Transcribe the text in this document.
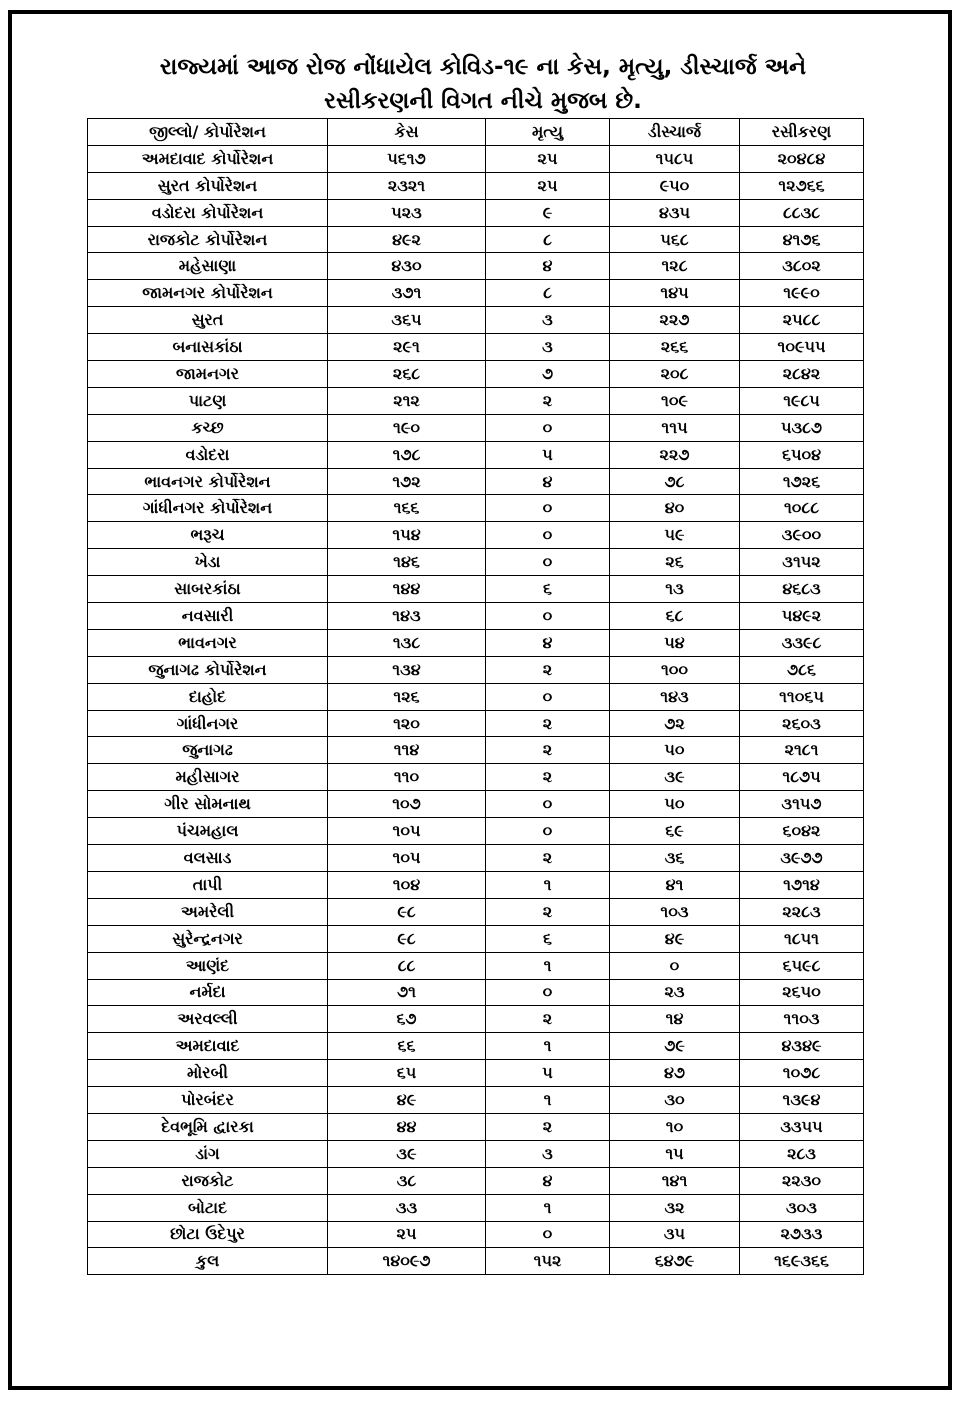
રાજ્યમાં આજ રોજ નોંધાયેલ કોવિડ-૧૯ ના કેસ, મૃત્યુ, ડીસ્ચાર્જ અને
રસીકરણની વિગત નીચે મુજબ છે.
જીલ્લો/ કોર્પોરેશન	કેસ	મૃત્યુ	ડીસ્ચાર્જ	રસીકરણ
અમદાવાદ કોર્પોરેશન	૫૬૧૭	૨૫	૧૫૮૫	૨૦૪૮૪
સુરત કોર્પોરેશન	૨૩૨૧	૨૫	૯૫૦	૧૨૭૬૬
વડોદરા કોર્પોરેશન	૫૨૩	૯	૪૩૫	૮૮૩૮
રાજકોટ કોર્પોરેશન	૪૯૨	૮	૫૬૮	૪૧૭૬
મહેસાણા	૪૩૦	૪	૧૨૮	૩૮૦૨
જામનગર કોર્પોરેશન	૩૭૧	૮	૧૪૫	૧૯૯૦
સુરત	૩૬૫	૩	૨૨૭	૨૫૮૮
બનાસકાંઠા	૨૯૧	૩	૨૬૬	૧૦૯૫૫
જામનગર	૨૬૮	૭	૨૦૮	૨૮૪૨
પાટણ	૨૧૨	૨	૧૦૯	૧૯૮૫
કચ્છ	૧૯૦	૦	૧૧૫	૫૩૮૭
વડોદરા	૧૭૮	૫	૨૨૭	૬૫૦૪
ભાવનગર કોર્પોરેશન	૧૭૨	૪	૭૮	૧૭૨૬
ગાંધીનગર કોર્પોરેશન	૧૬૬	૦	૪૦	૧૦૮૮
ભરૂચ	૧૫૪	૦	૫૯	૩૯૦૦
ખેડા	૧૪૬	૦	૨૬	૩૧૫૨
સાબરકાંઠા	૧૪૪	૬	૧૩	૪૬૮૩
નવસારી	૧૪૩	૦	૬૮	૫૪૯૨
ભાવનગર	૧૩૮	૪	૫૪	૩૩૯૮
જુનાગઢ કોર્પોરેશન	૧૩૪	૨	૧૦૦	૭૮૬
દાહોદ	૧૨૬	૦	૧૪૩	૧૧૦૬૫
ગાંધીનગર	૧૨૦	૨	૭૨	૨૬૦૩
જુનાગઢ	૧૧૪	૨	૫૦	૨૧૮૧
મહીસાગર	૧૧૦	૨	૩૯	૧૮૭૫
ગીર સોમનાથ	૧૦૭	૦	૫૦	૩૧૫૭
પંચમહાલ	૧૦૫	૦	૬૯	૬૦૪૨
વલસાડ	૧૦૫	૨	૩૬	૩૯૭૭
તાપી	૧૦૪	૧	૪૧	૧૭૧૪
અમરેલી	૯૮	૨	૧૦૩	૨૨૮૩
સુરેન્દ્રનગર	૯૮	૬	૪૯	૧૮૫૧
આણંદ	૮૮	૧	૦	૬૫૯૮
નર્મદા	૭૧	૦	૨૩	૨૬૫૦
અરવલ્લી	૬૭	૨	૧૪	૧૧૦૩
અમદાવાદ	૬૬	૧	૭૯	૪૩૪૯
મોરબી	૬૫	૫	૪૭	૧૦૭૮
પોરબંદર	૪૯	૧	૩૦	૧૩૯૪
દેવભૂમિ દ્વારકા	૪૪	૨	૧૦	૩૩૫૫
ડાંગ	૩૯	૩	૧૫	૨૮૩
રાજકોટ	૩૮	૪	૧૪૧	૨૨૩૦
બોટાદ	૩૩	૧	૩૨	૩૦૩
છોટા ઉદેપુર	૨૫	૦	૩૫	૨૭૩૩
કુલ	૧૪૦૯૭	૧૫૨	૬૪૭૯	૧૬૯૩૬૬
